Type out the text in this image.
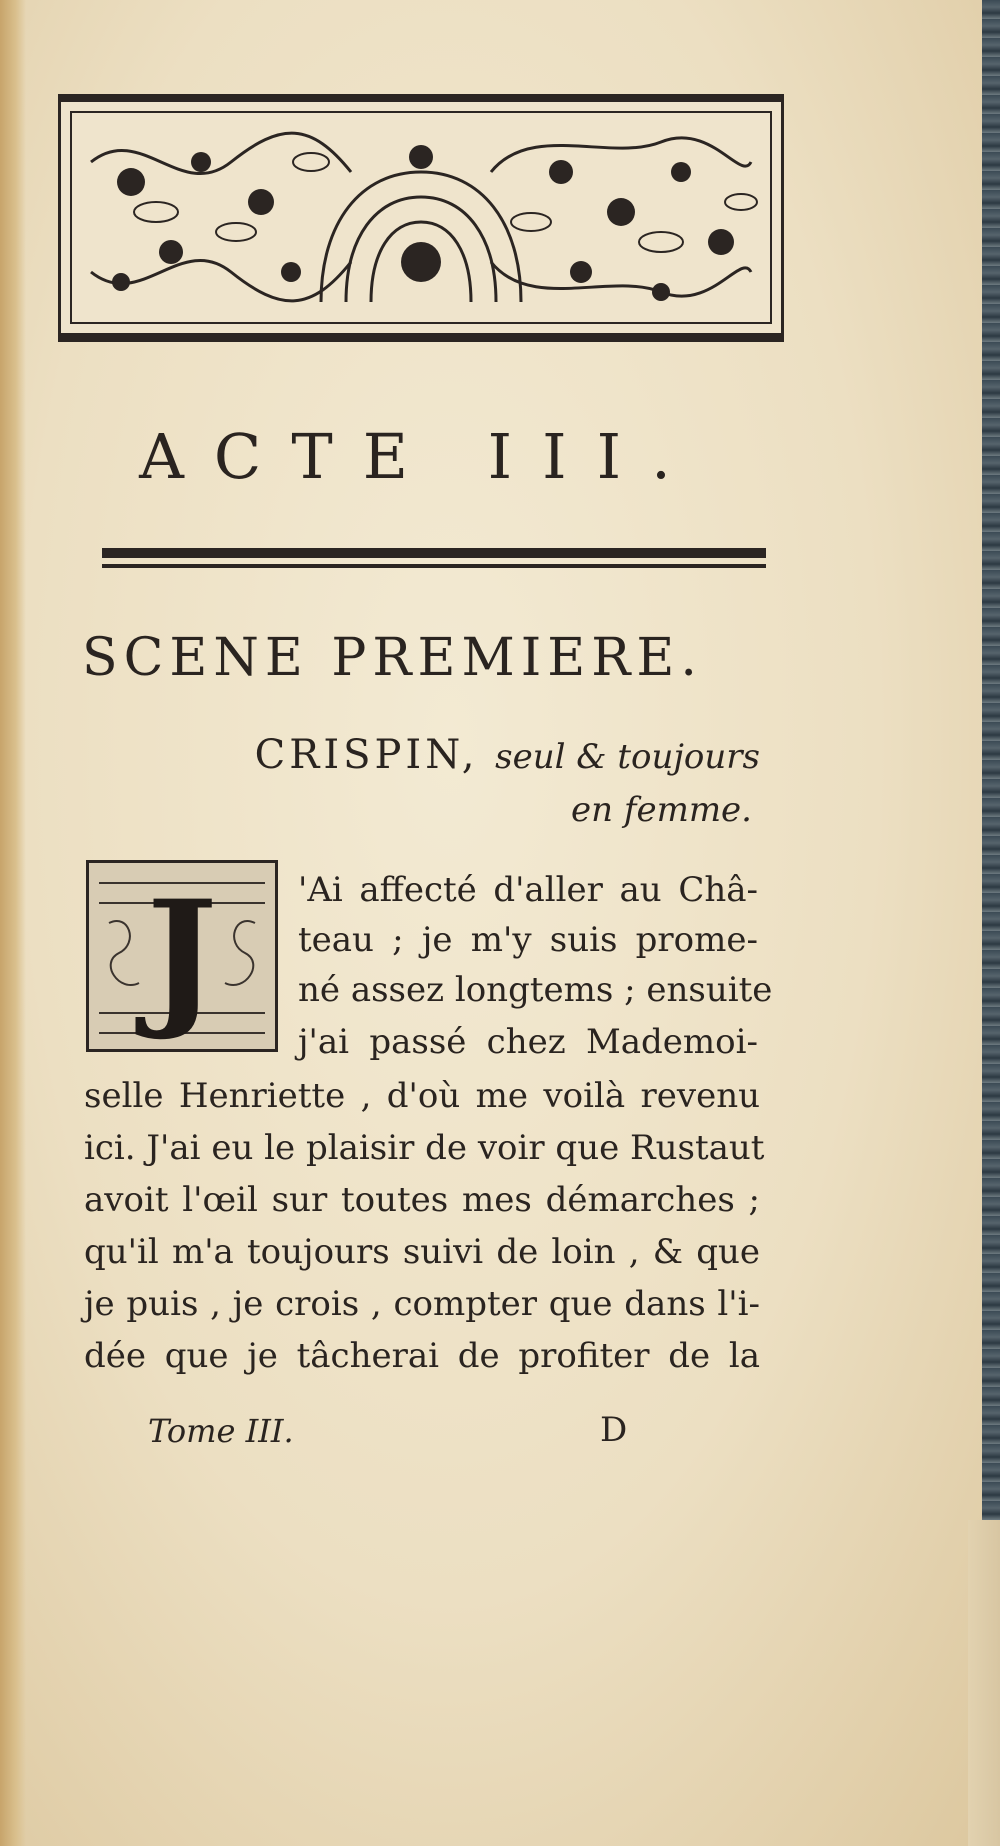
ACTE III.
SCENE PREMIERE.
CRISPIN, seul & toujours
en femme.
J	'Ai affecté d'aller au Châ-
teau ; je m'y suis prome-
né assez longtems ; ensuite
j'ai passé chez Mademoi-
selle Henriette , d'où me voilà revenu
ici. J'ai eu le plaisir de voir que Rustaut
avoit l'œil sur toutes mes démarches ;
qu'il m'a toujours suivi de loin , & que
je puis , je crois , compter que dans l'i-
dée que je tâcherai de profiter de la
Tome III.	D
